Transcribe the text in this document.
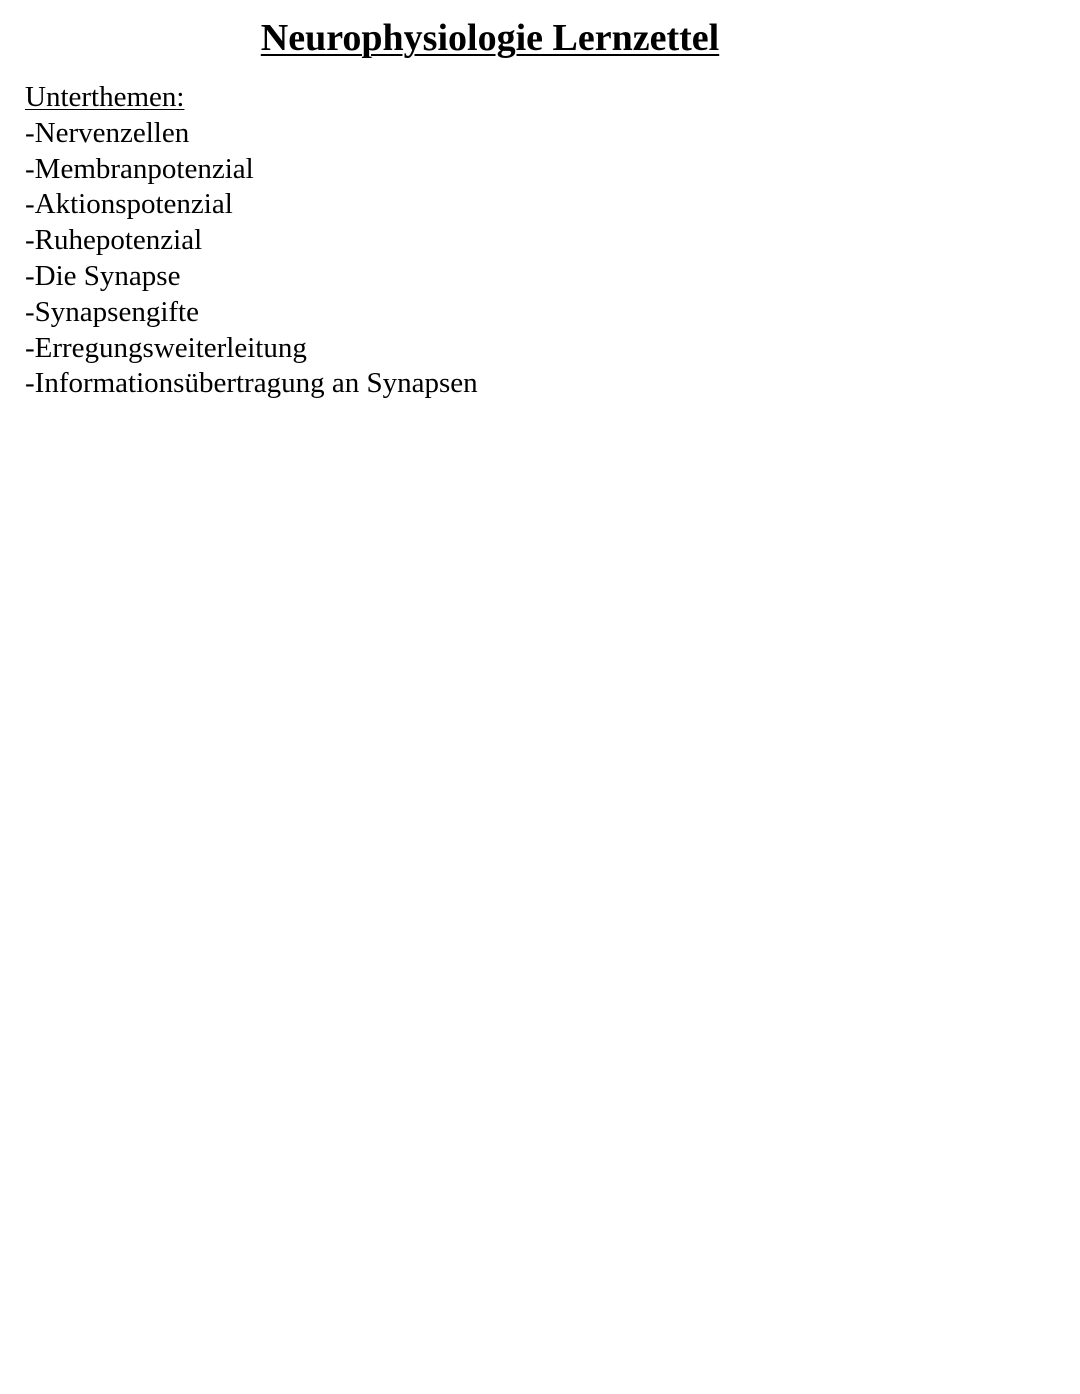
Neurophysiologie Lernzettel
Unterthemen:
-Nervenzellen
-Membranpotenzial
-Aktionspotenzial
-Ruhepotenzial
-Die Synapse
-Synapsengifte
-Erregungsweiterleitung
-Informationsübertragung an Synapsen
